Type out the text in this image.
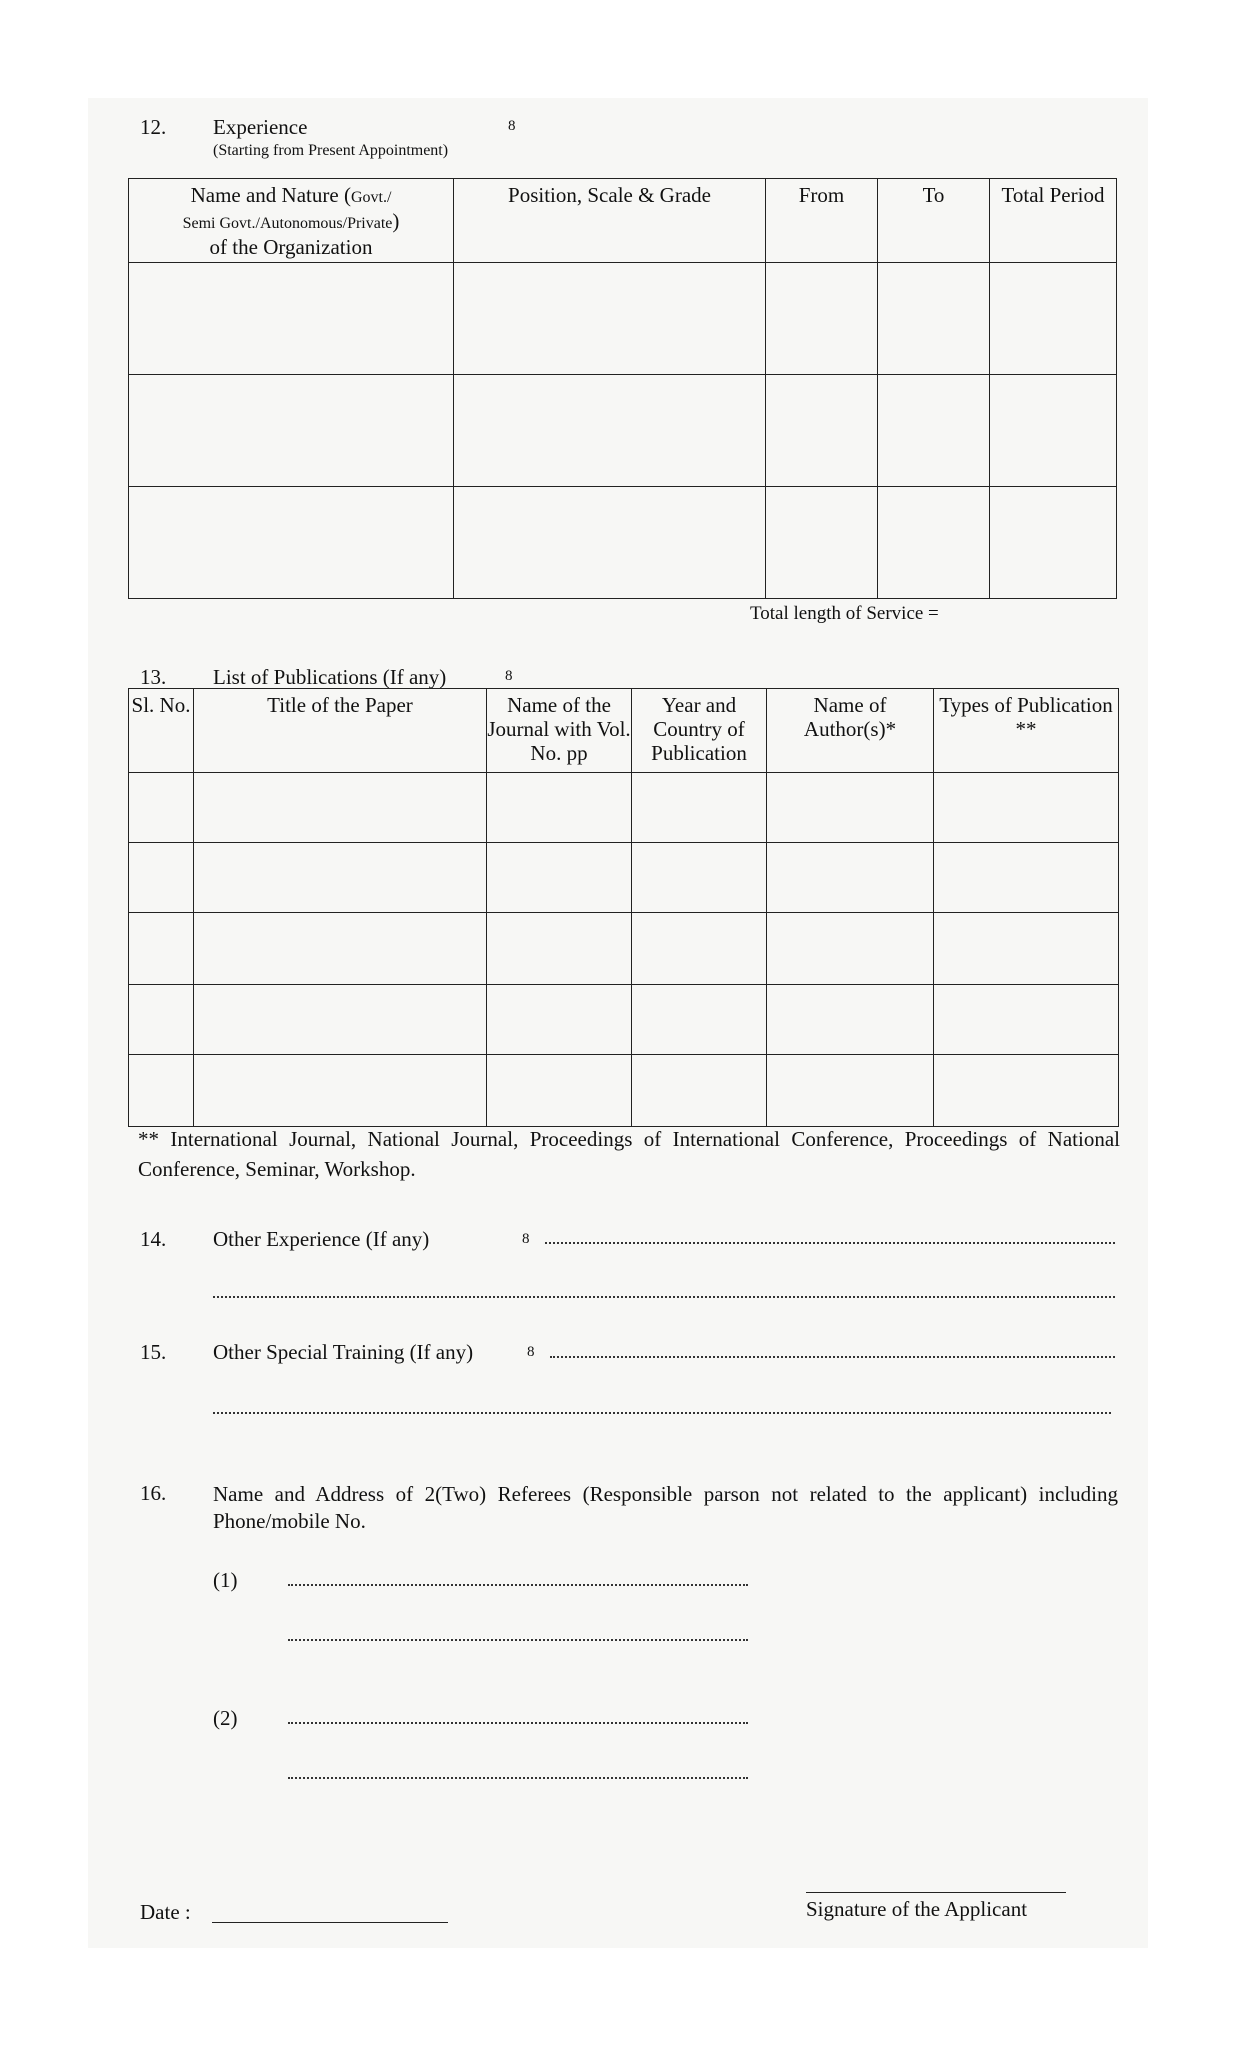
12. Experience	8
(Starting from Present Appointment)
Name and Nature (Govt./
Semi Govt./Autonomous/Private)
of the Organization	Position, Scale & Grade	From	To	Total Period

Total length of Service =
13. List of Publications (If any)	8
Sl. No.	Title of the Paper	Name of the Journal with Vol. No. pp	Year and Country of Publication	Name of Author(s)*	Types of Publication **

** International Journal, National Journal, Proceedings of International Conference, Proceedings of National Conference, Seminar, Workshop.
14. Other Experience (If any)	8
15. Other Special Training (If any)	8
16. Name and Address of 2(Two) Referees (Responsible parson not related to the applicant) including Phone/mobile No.
(1)
(2)
Date :	Signature of the Applicant
